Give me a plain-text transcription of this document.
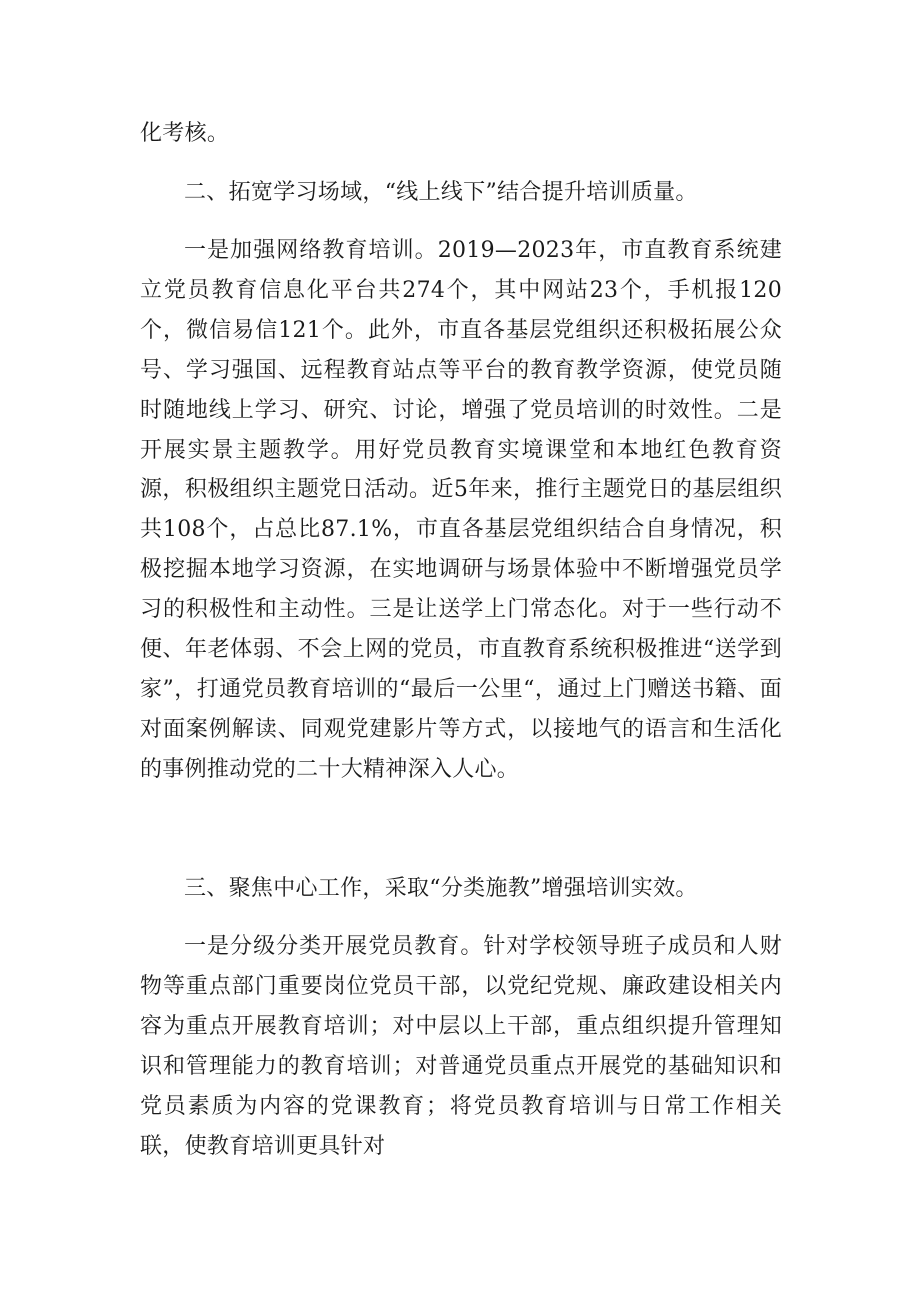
化考核。

二、拓宽学习场域，“线上线下”结合提升培训质量。

一是加强网络教育培训。2019—2023年，市直教育系统建立党员教育信息化平台共274个，其中网站23个，手机报120个，微信易信121个。此外，市直各基层党组织还积极拓展公众号、学习强国、远程教育站点等平台的教育教学资源，使党员随时随地线上学习、研究、讨论，增强了党员培训的时效性。二是开展实景主题教学。用好党员教育实境课堂和本地红色教育资源，积极组织主题党日活动。近5年来，推行主题党日的基层组织共108个，占总比87.1%，市直各基层党组织结合自身情况，积极挖掘本地学习资源，在实地调研与场景体验中不断增强党员学习的积极性和主动性。三是让送学上门常态化。对于一些行动不便、年老体弱、不会上网的党员，市直教育系统积极推进“送学到家”，打通党员教育培训的“最后一公里“，通过上门赠送书籍、面对面案例解读、同观党建影片等方式，以接地气的语言和生活化的事例推动党的二十大精神深入人心。

三、聚焦中心工作，采取“分类施教”增强培训实效。

一是分级分类开展党员教育。针对学校领导班子成员和人财物等重点部门重要岗位党员干部，以党纪党规、廉政建设相关内容为重点开展教育培训；对中层以上干部，重点组织提升管理知识和管理能力的教育培训；对普通党员重点开展党的基础知识和党员素质为内容的党课教育；将党员教育培训与日常工作相关联，使教育培训更具针对
